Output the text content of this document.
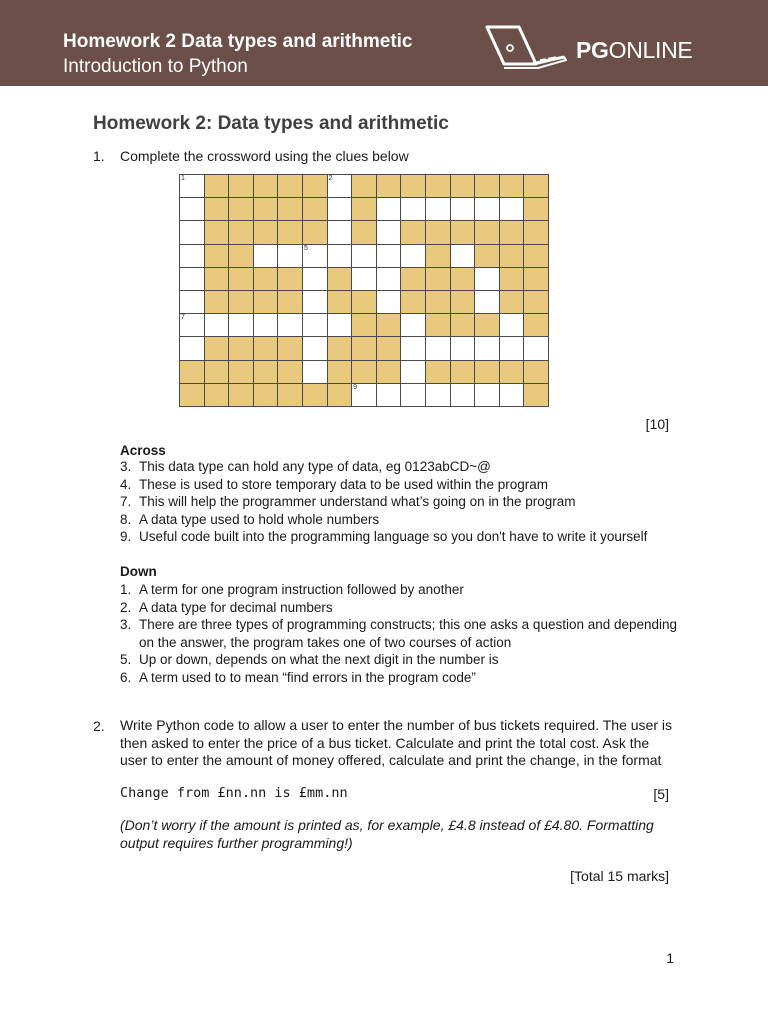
Homework 2 Data types and arithmetic
Introduction to Python
PGONLINE
Homework 2: Data types and arithmetic
1. Complete the crossword using the clues below
1						2								

					5									

7														

							9							

[10]
Across
3. This data type can hold any type of data, eg 0123abCD~@
4. These is used to store temporary data to be used within the program
7. This will help the programmer understand what’s going on in the program
8. A data type used to hold whole numbers
9. Useful code built into the programming language so you don't have to write it yourself
Down
1. A term for one program instruction followed by another
2. A data type for decimal numbers
3. There are three types of programming constructs; this one asks a question and depending on the answer, the program takes one of two courses of action
5. Up or down, depends on what the next digit in the number is
6. A term used to to mean “find errors in the program code”
2. Write Python code to allow a user to enter the number of bus tickets required. The user is then asked to enter the price of a bus ticket. Calculate and print the total cost. Ask the user to enter the amount of money offered, calculate and print the change, in the format
Change from £nn.nn is £mm.nn	[5]
(Don’t worry if the amount is printed as, for example, £4.8 instead of £4.80. Formatting output requires further programming!)
[Total 15 marks]
1
